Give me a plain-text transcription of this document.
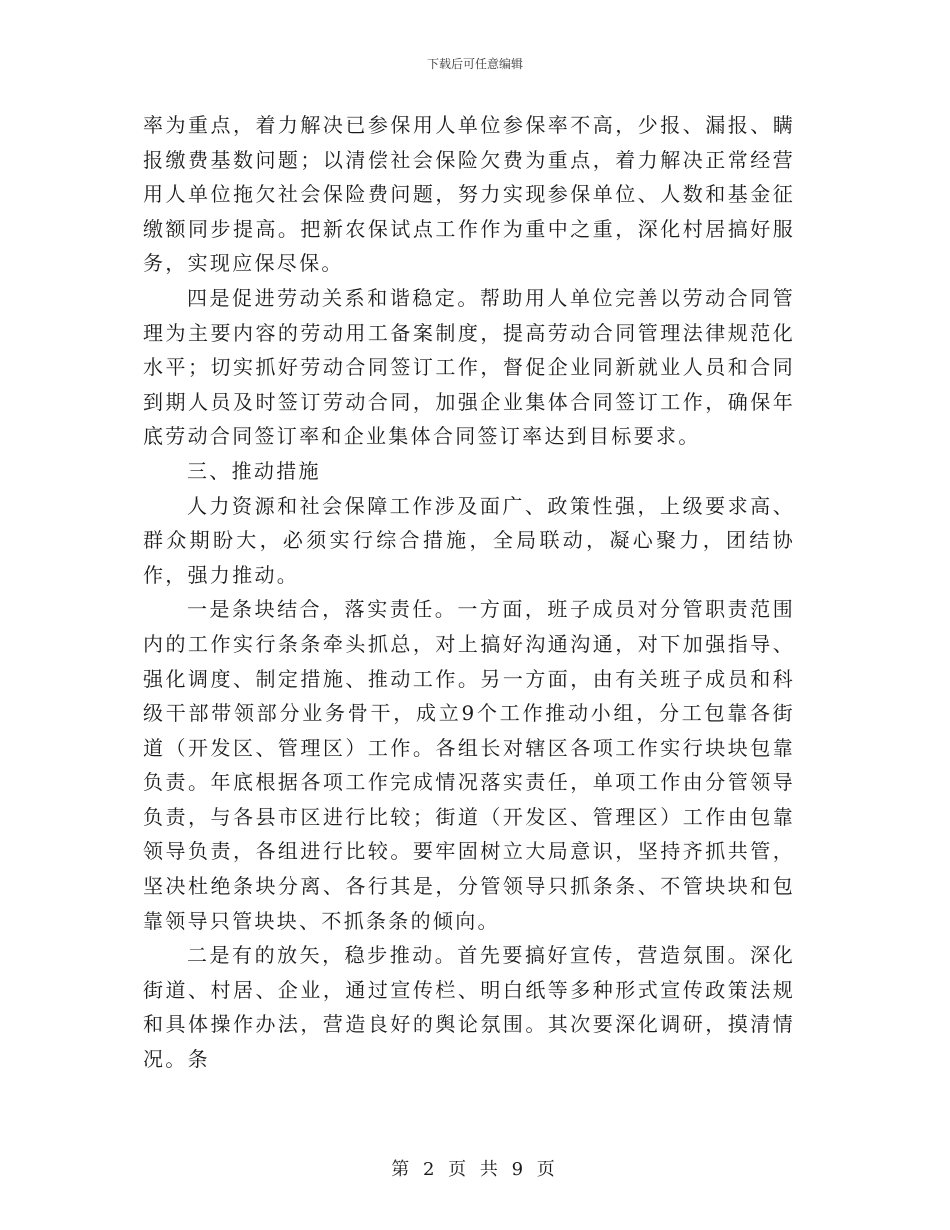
下载后可任意编辑

率为重点，着力解决已参保用人单位参保率不高，少报、漏报、瞒报缴费基数问题；以清偿社会保险欠费为重点，着力解决正常经营用人单位拖欠社会保险费问题，努力实现参保单位、人数和基金征缴额同步提高。把新农保试点工作作为重中之重，深化村居搞好服务，实现应保尽保。

四是促进劳动关系和谐稳定。帮助用人单位完善以劳动合同管理为主要内容的劳动用工备案制度，提高劳动合同管理法律规范化水平；切实抓好劳动合同签订工作，督促企业同新就业人员和合同到期人员及时签订劳动合同，加强企业集体合同签订工作，确保年底劳动合同签订率和企业集体合同签订率达到目标要求。

三、推动措施

人力资源和社会保障工作涉及面广、政策性强，上级要求高、群众期盼大，必须实行综合措施，全局联动，凝心聚力，团结协作，强力推动。

一是条块结合，落实责任。一方面，班子成员对分管职责范围内的工作实行条条牵头抓总，对上搞好沟通沟通，对下加强指导、强化调度、制定措施、推动工作。另一方面，由有关班子成员和科级干部带领部分业务骨干，成立9个工作推动小组，分工包靠各街道（开发区、管理区）工作。各组长对辖区各项工作实行块块包靠负责。年底根据各项工作完成情况落实责任，单项工作由分管领导负责，与各县市区进行比较；街道（开发区、管理区）工作由包靠领导负责，各组进行比较。要牢固树立大局意识，坚持齐抓共管，坚决杜绝条块分离、各行其是，分管领导只抓条条、不管块块和包靠领导只管块块、不抓条条的倾向。

二是有的放矢，稳步推动。首先要搞好宣传，营造氛围。深化街道、村居、企业，通过宣传栏、明白纸等多种形式宣传政策法规和具体操作办法，营造良好的舆论氛围。其次要深化调研，摸清情况。条

第 2 页 共 9 页
